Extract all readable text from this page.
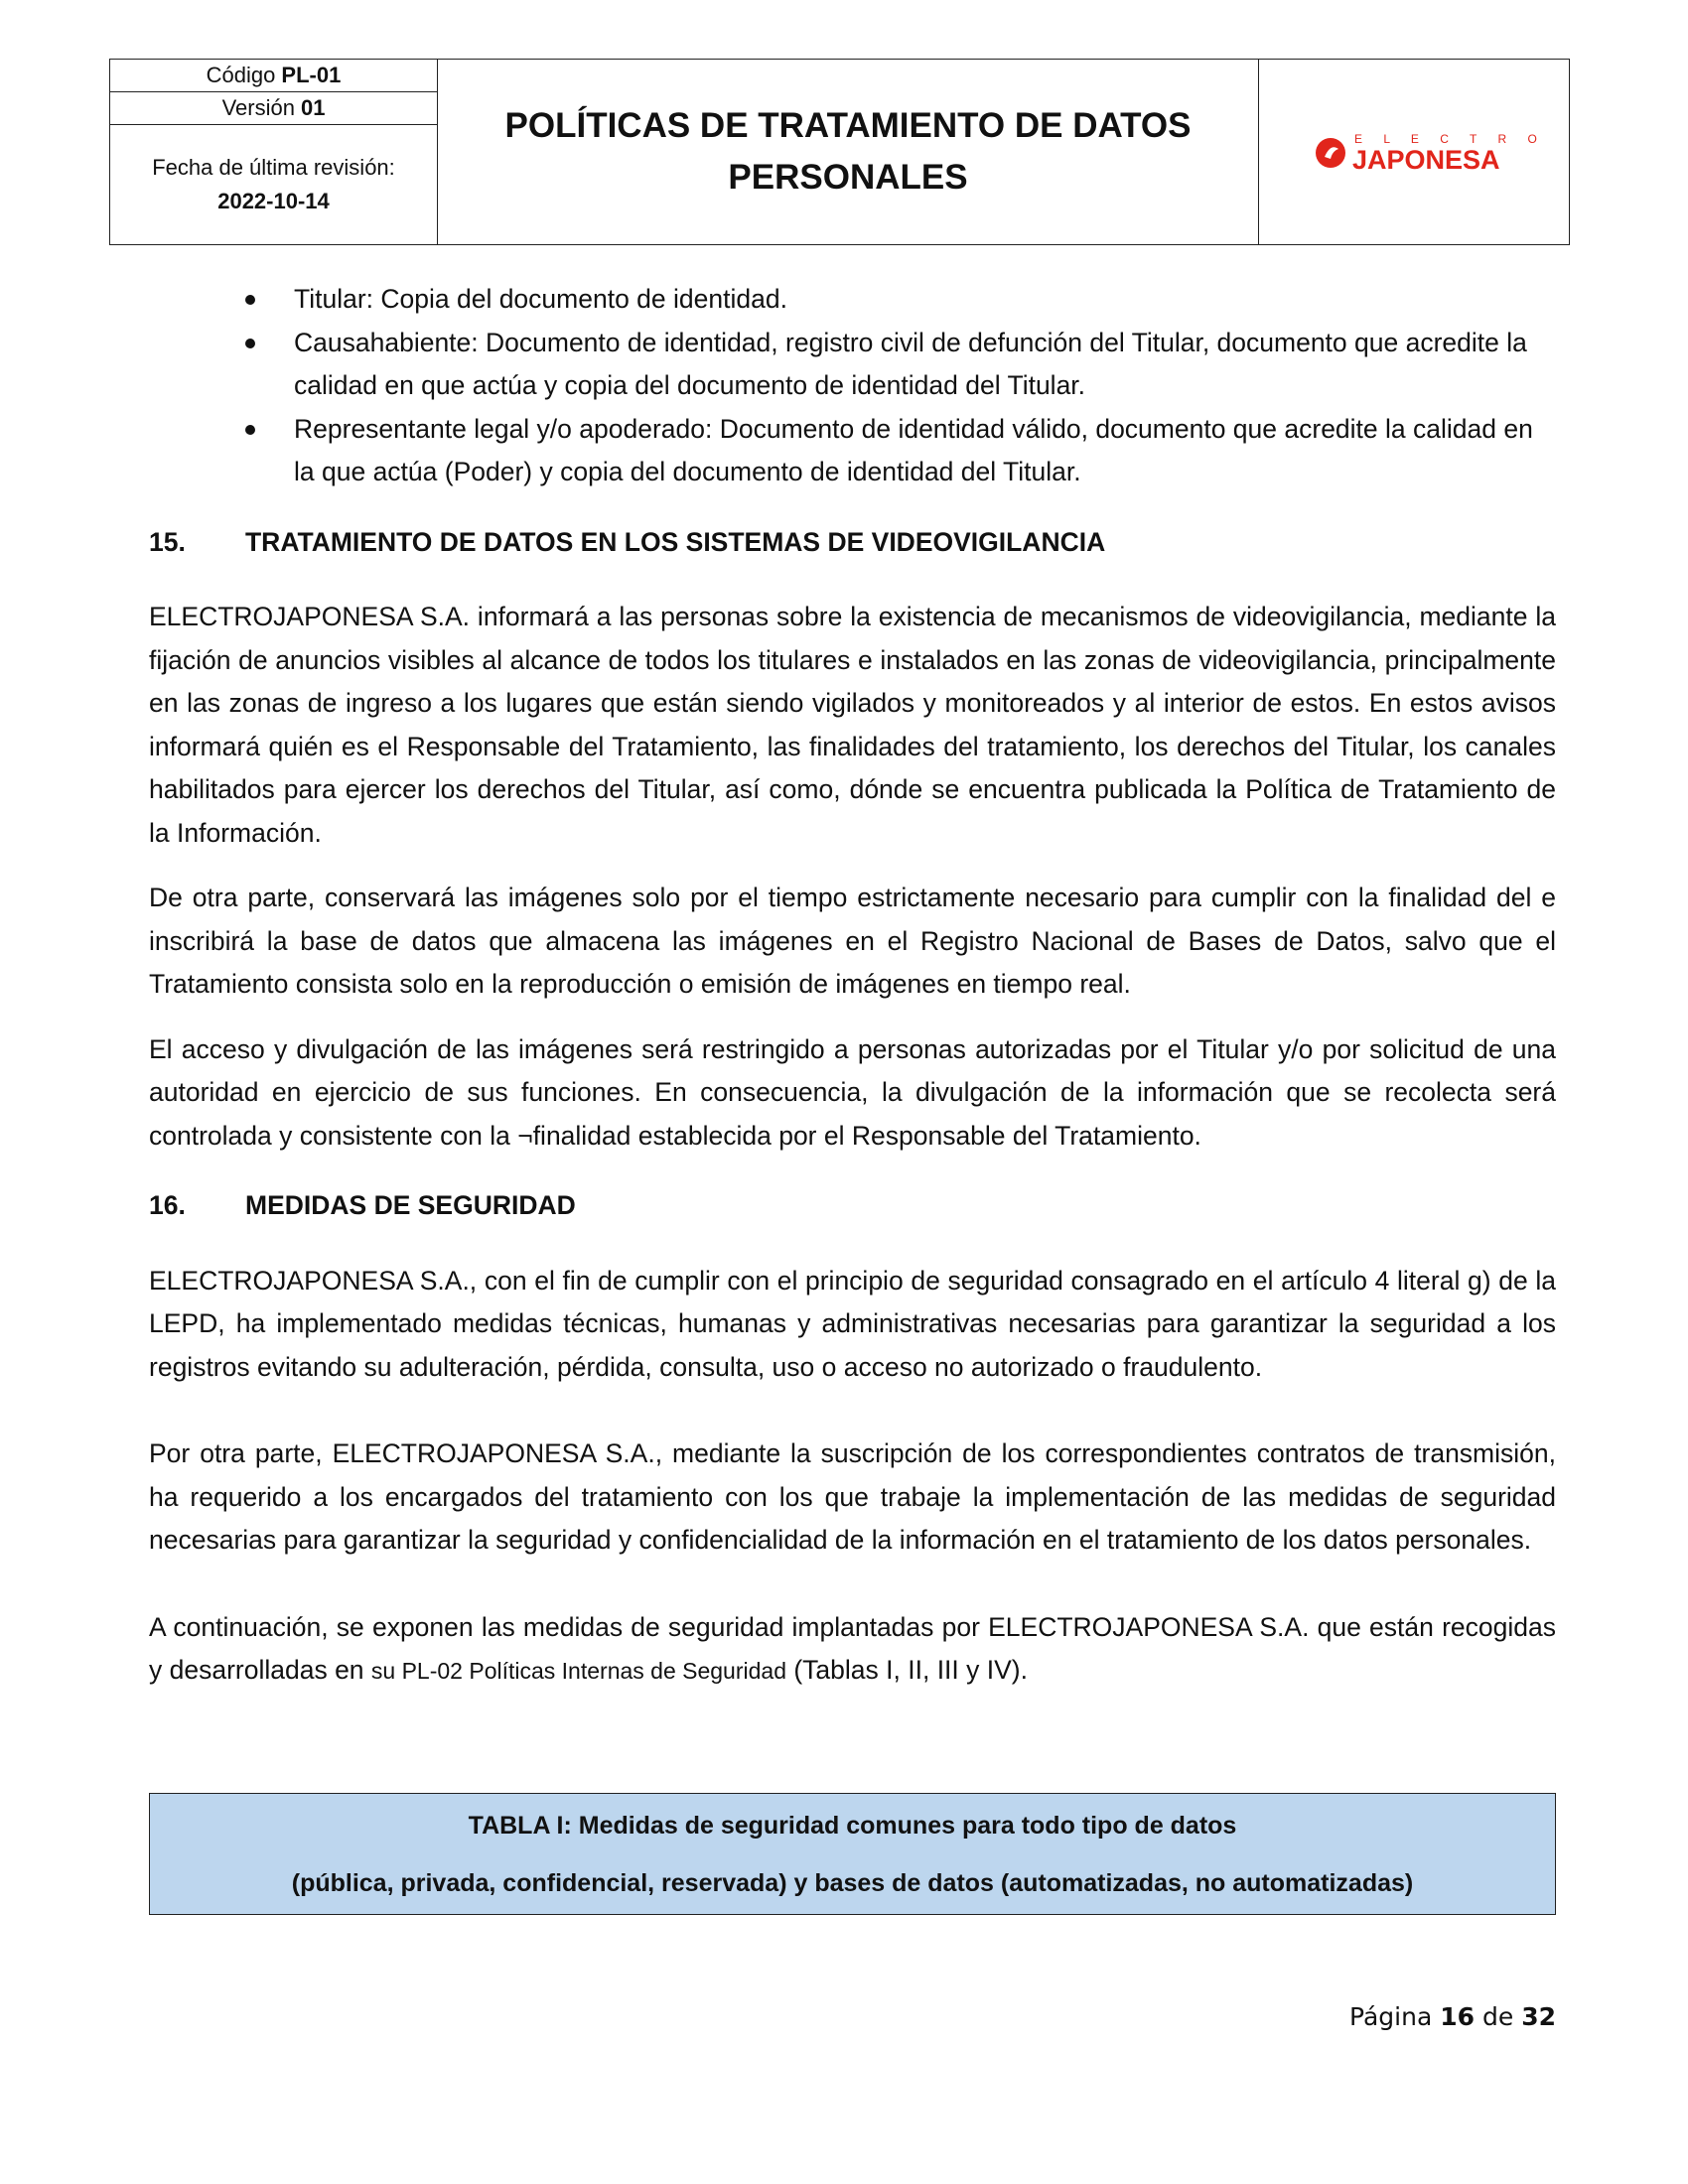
Código PL-01
Versión 01
Fecha de última revisión:
2022-10-14
POLÍTICAS DE TRATAMIENTO DE DATOS
PERSONALES
E L E C T R O
JAPONESA
Titular: Copia del documento de identidad.
Causahabiente: Documento de identidad, registro civil de defunción del Titular, documento que acredite la calidad en que actúa y copia del documento de identidad del Titular.
Representante legal y/o apoderado: Documento de identidad válido, documento que acredite la calidad en la que actúa (Poder) y copia del documento de identidad del Titular.
15.	TRATAMIENTO DE DATOS EN LOS SISTEMAS DE VIDEOVIGILANCIA

ELECTROJAPONESA S.A. informará a las personas sobre la existencia de mecanismos de videovigilancia, mediante la fijación de anuncios visibles al alcance de todos los titulares e instalados en las zonas de videovigilancia, principalmente en las zonas de ingreso a los lugares que están siendo vigilados y monitoreados y al interior de estos. En estos avisos informará quién es el Responsable del Tratamiento, las finalidades del tratamiento, los derechos del Titular, los canales habilitados para ejercer los derechos del Titular, así como, dónde se encuentra publicada la Política de Tratamiento de la Información.

De otra parte, conservará las imágenes solo por el tiempo estrictamente necesario para cumplir con la finalidad del e inscribirá la base de datos que almacena las imágenes en el Registro Nacional de Bases de Datos, salvo que el Tratamiento consista solo en la reproducción o emisión de imágenes en tiempo real.

El acceso y divulgación de las imágenes será restringido a personas autorizadas por el Titular y/o por solicitud de una autoridad en ejercicio de sus funciones. En consecuencia, la divulgación de la información que se recolecta será controlada y consistente con la ¬finalidad establecida por el Responsable del Tratamiento.

16.	MEDIDAS DE SEGURIDAD

ELECTROJAPONESA S.A., con el fin de cumplir con el principio de seguridad consagrado en el artículo 4 literal g) de la LEPD, ha implementado medidas técnicas, humanas y administrativas necesarias para garantizar la seguridad a los registros evitando su adulteración, pérdida, consulta, uso o acceso no autorizado o fraudulento.

Por otra parte, ELECTROJAPONESA S.A., mediante la suscripción de los correspondientes contratos de transmisión, ha requerido a los encargados del tratamiento con los que trabaje la implementación de las medidas de seguridad necesarias para garantizar la seguridad y confidencialidad de la información en el tratamiento de los datos personales.

A continuación, se exponen las medidas de seguridad implantadas por ELECTROJAPONESA S.A. que están recogidas y desarrolladas en su PL-02 Políticas Internas de Seguridad (Tablas I, II, III y IV).

TABLA I: Medidas de seguridad comunes para todo tipo de datos
(pública, privada, confidencial, reservada) y bases de datos (automatizadas, no automatizadas)
Página 16 de 32
